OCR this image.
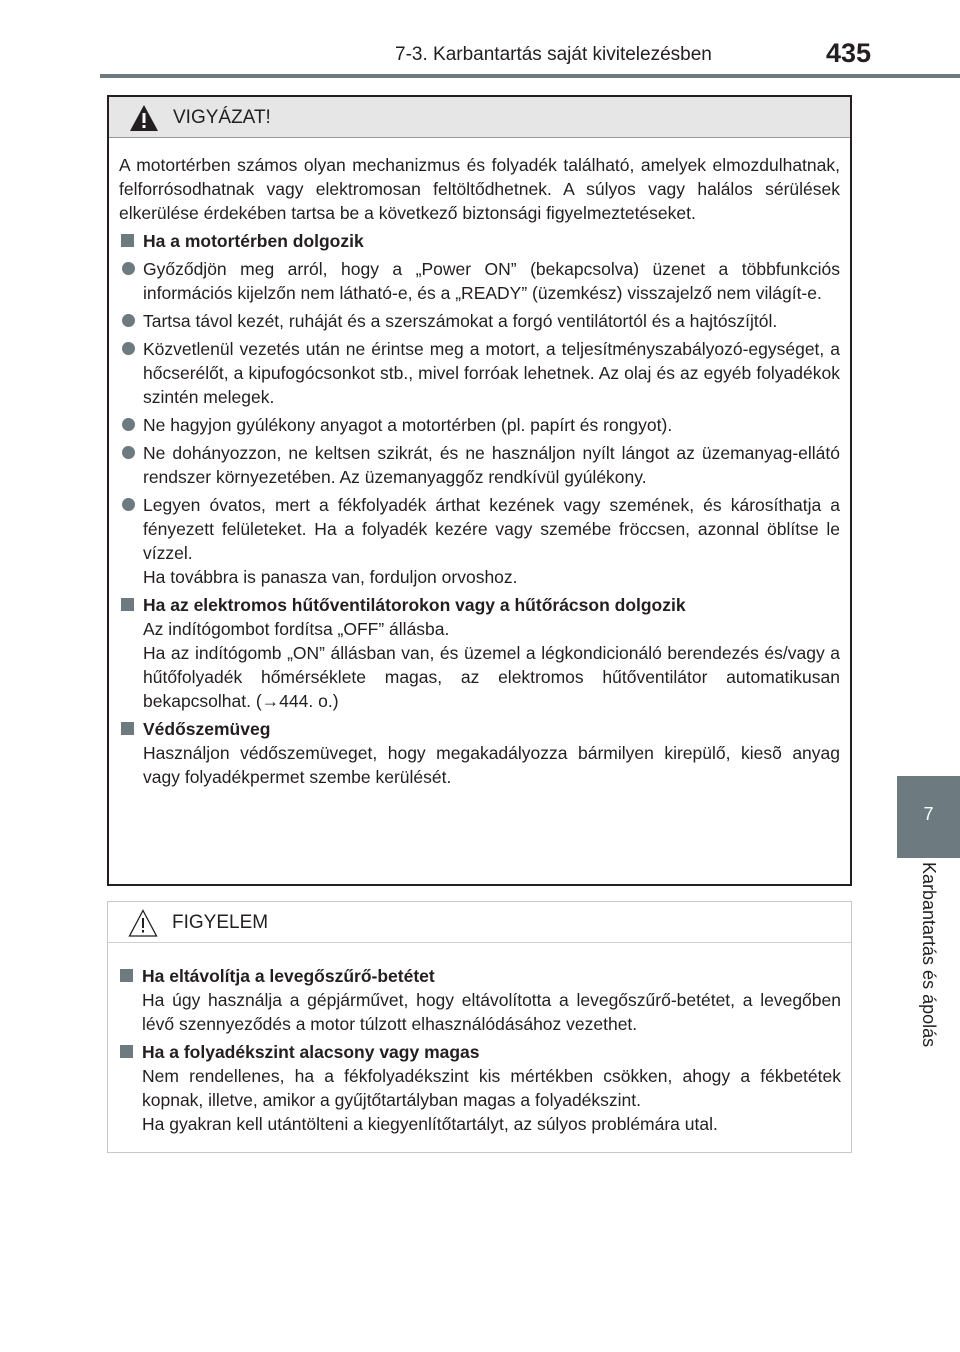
7-3. Karbantartás saját kivitelezésben	435
7
Karbantartás és ápolás
VIGYÁZAT!
A motortérben számos olyan mechanizmus és folyadék található, amelyek elmozdulhatnak, felforrósodhatnak vagy elektromosan feltöltődhetnek. A súlyos vagy halálos sérülések elkerülése érdekében tartsa be a következő biztonsági figyelmeztetéseket.
Ha a motortérben dolgozik
Győződjön meg arról, hogy a „Power ON” (bekapcsolva) üzenet a többfunkciós információs kijelzőn nem látható-e, és a „READY” (üzemkész) visszajelző nem világít-e.
Tartsa távol kezét, ruháját és a szerszámokat a forgó ventilátortól és a hajtószíjtól.
Közvetlenül vezetés után ne érintse meg a motort, a teljesítményszabályozó-egységet, a hőcserélőt, a kipufogócsonkot stb., mivel forróak lehetnek. Az olaj és az egyéb folyadékok szintén melegek.
Ne hagyjon gyúlékony anyagot a motortérben (pl. papírt és rongyot).
Ne dohányozzon, ne keltsen szikrát, és ne használjon nyílt lángot az üzemanyag-ellátó rendszer környezetében. Az üzemanyaggőz rendkívül gyúlékony.
Legyen óvatos, mert a fékfolyadék árthat kezének vagy szemének, és károsíthatja a fényezett felületeket. Ha a folyadék kezére vagy szemébe fröccsen, azonnal öblítse le vízzel.
Ha továbbra is panasza van, forduljon orvoshoz.
Ha az elektromos hűtőventilátorokon vagy a hűtőrácson dolgozik
Az indítógombot fordítsa „OFF” állásba.
Ha az indítógomb „ON” állásban van, és üzemel a légkondicionáló berendezés és/vagy a hűtőfolyadék hőmérséklete magas, az elektromos hűtőventilátor automatikusan bekapcsolhat. (→444. o.)
Védőszemüveg
Használjon védőszemüveget, hogy megakadályozza bármilyen kirepülő, kiesõ anyag vagy folyadékpermet szembe kerülését.
FIGYELEM
Ha eltávolítja a levegőszűrő-betétet
Ha úgy használja a gépjárművet, hogy eltávolította a levegőszűrő-betétet, a levegőben lévő szennyeződés a motor túlzott elhasználódásához vezethet.
Ha a folyadékszint alacsony vagy magas
Nem rendellenes, ha a fékfolyadékszint kis mértékben csökken, ahogy a fékbetétek kopnak, illetve, amikor a gyűjtőtartályban magas a folyadékszint.
Ha gyakran kell utántölteni a kiegyenlítőtartályt, az súlyos problémára utal.
